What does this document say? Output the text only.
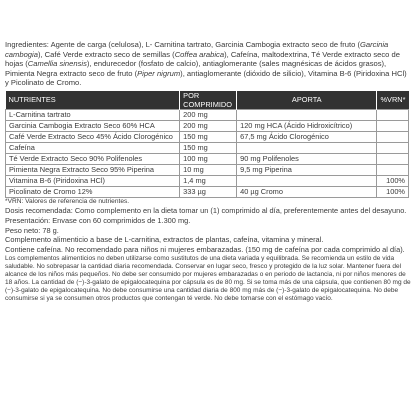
Ingredientes: Agente de carga (celulosa), L- Carnitina tartrato, Garcinia Cambogia extracto seco de fruto (Garcinia cambogia), Café Verde extracto seco de semillas (Coffea arabica), Cafeína, maltodextrina, Té Verde extracto seco de hojas (Camellia sinensis), endurecedor (fosfato de calcio), antiaglomerante (sales magnésicas de ácidos grasos), Pimienta Negra extracto seco de fruto (Piper nigrum), antiaglomerante (dióxido de silicio), Vitamina B-6 (Piridoxina HCl) y Picolinato de Cromo.

NUTRIENTES	POR COMPRIMIDO	APORTA	%VRN*
L-Carnitina tartrato	200 mg		
Garcinia Cambogia Extracto Seco 60% HCA	200 mg	120 mg HCA (Ácido Hidroxicítrico)	
Café Verde Extracto Seco 45% Ácido Clorogénico	150 mg	67,5 mg Ácido Clorogénico	
Cafeína	150 mg		
Té Verde Extracto Seco 90% Polifenoles	100 mg	90 mg Polifenoles	
Pimienta Negra Extracto Seco 95% Piperina	10 mg	9,5 mg Piperina	
Vitamina B-6 (Piridoxina HCl)	1,4 mg		100%
Picolinato de Cromo 12%	333 µg	40 µg Cromo	100%

*VRN: Valores de referencia de nutrientes.

Dosis recomendada: Como complemento en la dieta tomar un (1) comprimido al día, preferentemente antes del desayuno.

Presentación: Envase con 60 comprimidos de 1.300 mg.

Peso neto: 78 g.

Complemento alimenticio a base de L-carnitina, extractos de plantas, cafeína, vitamina y mineral.

Contiene cafeína. No recomendado para niños ni mujeres embarazadas. (150 mg de cafeína por cada comprimido al día).

Los complementos alimenticios no deben utilizarse como sustitutos de una dieta variada y equilibrada. Se recomienda un estilo de vida saludable. No sobrepasar la cantidad diaria recomendada. Conservar en lugar seco, fresco y protegido de la luz solar. Mantener fuera del alcance de los niños más pequeños. No debe ser consumido por mujeres embarazadas o en periodo de lactancia, ni por niños menores de 18 años. La cantidad de (−)-3-galato de epigalocatequina por cápsula es de 80 mg. Si se toma más de una cápsula, que contienen 80 mg de (−)-3-galato de epigalocatequina. No debe consumirse una cantidad diaria de 800 mg más de (−)-3-galato de epigalocatequina. No debe consumirse si ya se consumen otros productos que contengan té verde. No debe tomarse con el estómago vacío.
